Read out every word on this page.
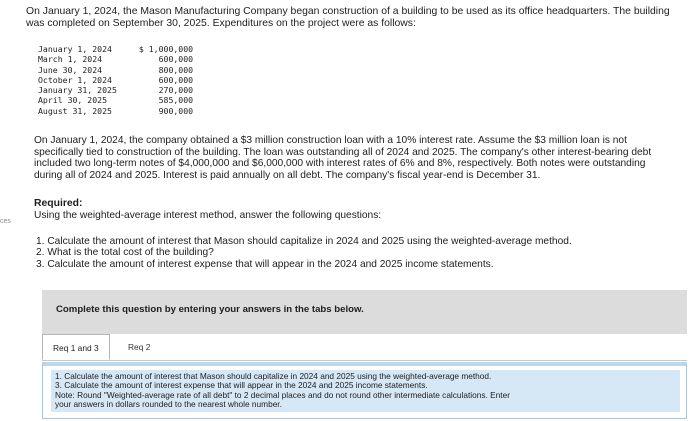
ces

On January 1, 2024, the Mason Manufacturing Company began construction of a building to be used as its office headquarters. The building was completed on September 30, 2025. Expenditures on the project were as follows:

January 1, 2024	$ 1,000,000
March 1, 2024	600,000
June 30, 2024	800,000
October 1, 2024	600,000
January 31, 2025	270,000
April 30, 2025	585,000
August 31, 2025	900,000

On January 1, 2024, the company obtained a $3 million construction loan with a 10% interest rate. Assume the $3 million loan is not specifically tied to construction of the building. The loan was outstanding all of 2024 and 2025. The company's other interest-bearing debt included two long-term notes of $4,000,000 and $6,000,000 with interest rates of 6% and 8%, respectively. Both notes were outstanding during all of 2024 and 2025. Interest is paid annually on all debt. The company's fiscal year-end is December 31.

Required:

Using the weighted-average interest method, answer the following questions:

1. Calculate the amount of interest that Mason should capitalize in 2024 and 2025 using the weighted-average method.
2. What is the total cost of the building?
3. Calculate the amount of interest expense that will appear in the 2024 and 2025 income statements.
Complete this question by entering your answers in the tabs below.
Req 1 and 3	Req 2

1. Calculate the amount of interest that Mason should capitalize in 2024 and 2025 using the weighted-average method.

3. Calculate the amount of interest expense that will appear in the 2024 and 2025 income statements.

Note: Round "Weighted-average rate of all debt" to 2 decimal places and do not round other intermediate calculations. Enter

your answers in dollars rounded to the nearest whole number.
